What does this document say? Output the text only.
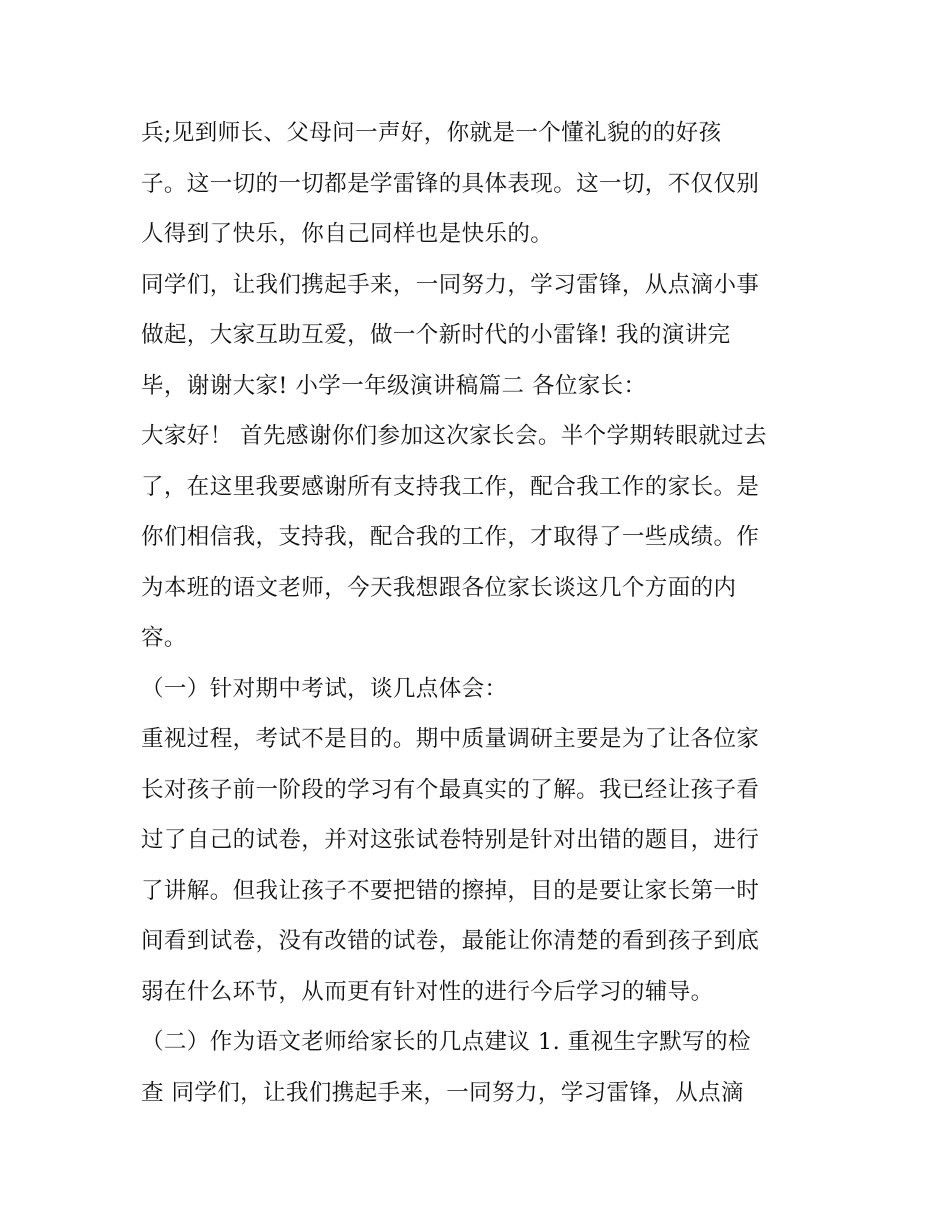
兵;见到师长、父母问一声好，你就是一个懂礼貌的的好孩
子。这一切的一切都是学雷锋的具体表现。这一切，不仅仅别
人得到了快乐，你自己同样也是快乐的。
同学们，让我们携起手来，一同努力，学习雷锋，从点滴小事
做起，大家互助互爱，做一个新时代的小雷锋! 我的演讲完
毕，谢谢大家! 小学一年级演讲稿篇二 各位家长：
大家好！ 首先感谢你们参加这次家长会。半个学期转眼就过去
了，在这里我要感谢所有支持我工作，配合我工作的家长。是
你们相信我，支持我，配合我的工作，才取得了一些成绩。作
为本班的语文老师，今天我想跟各位家长谈这几个方面的内
容。
（一）针对期中考试，谈几点体会：
重视过程，考试不是目的。期中质量调研主要是为了让各位家
长对孩子前一阶段的学习有个最真实的了解。我已经让孩子看
过了自己的试卷，并对这张试卷特别是针对出错的题目，进行
了讲解。但我让孩子不要把错的擦掉，目的是要让家长第一时
间看到试卷，没有改错的试卷，最能让你清楚的看到孩子到底
弱在什么环节，从而更有针对性的进行今后学习的辅导。
（二）作为语文老师给家长的几点建议 1. 重视生字默写的检
查 同学们，让我们携起手来，一同努力，学习雷锋，从点滴
